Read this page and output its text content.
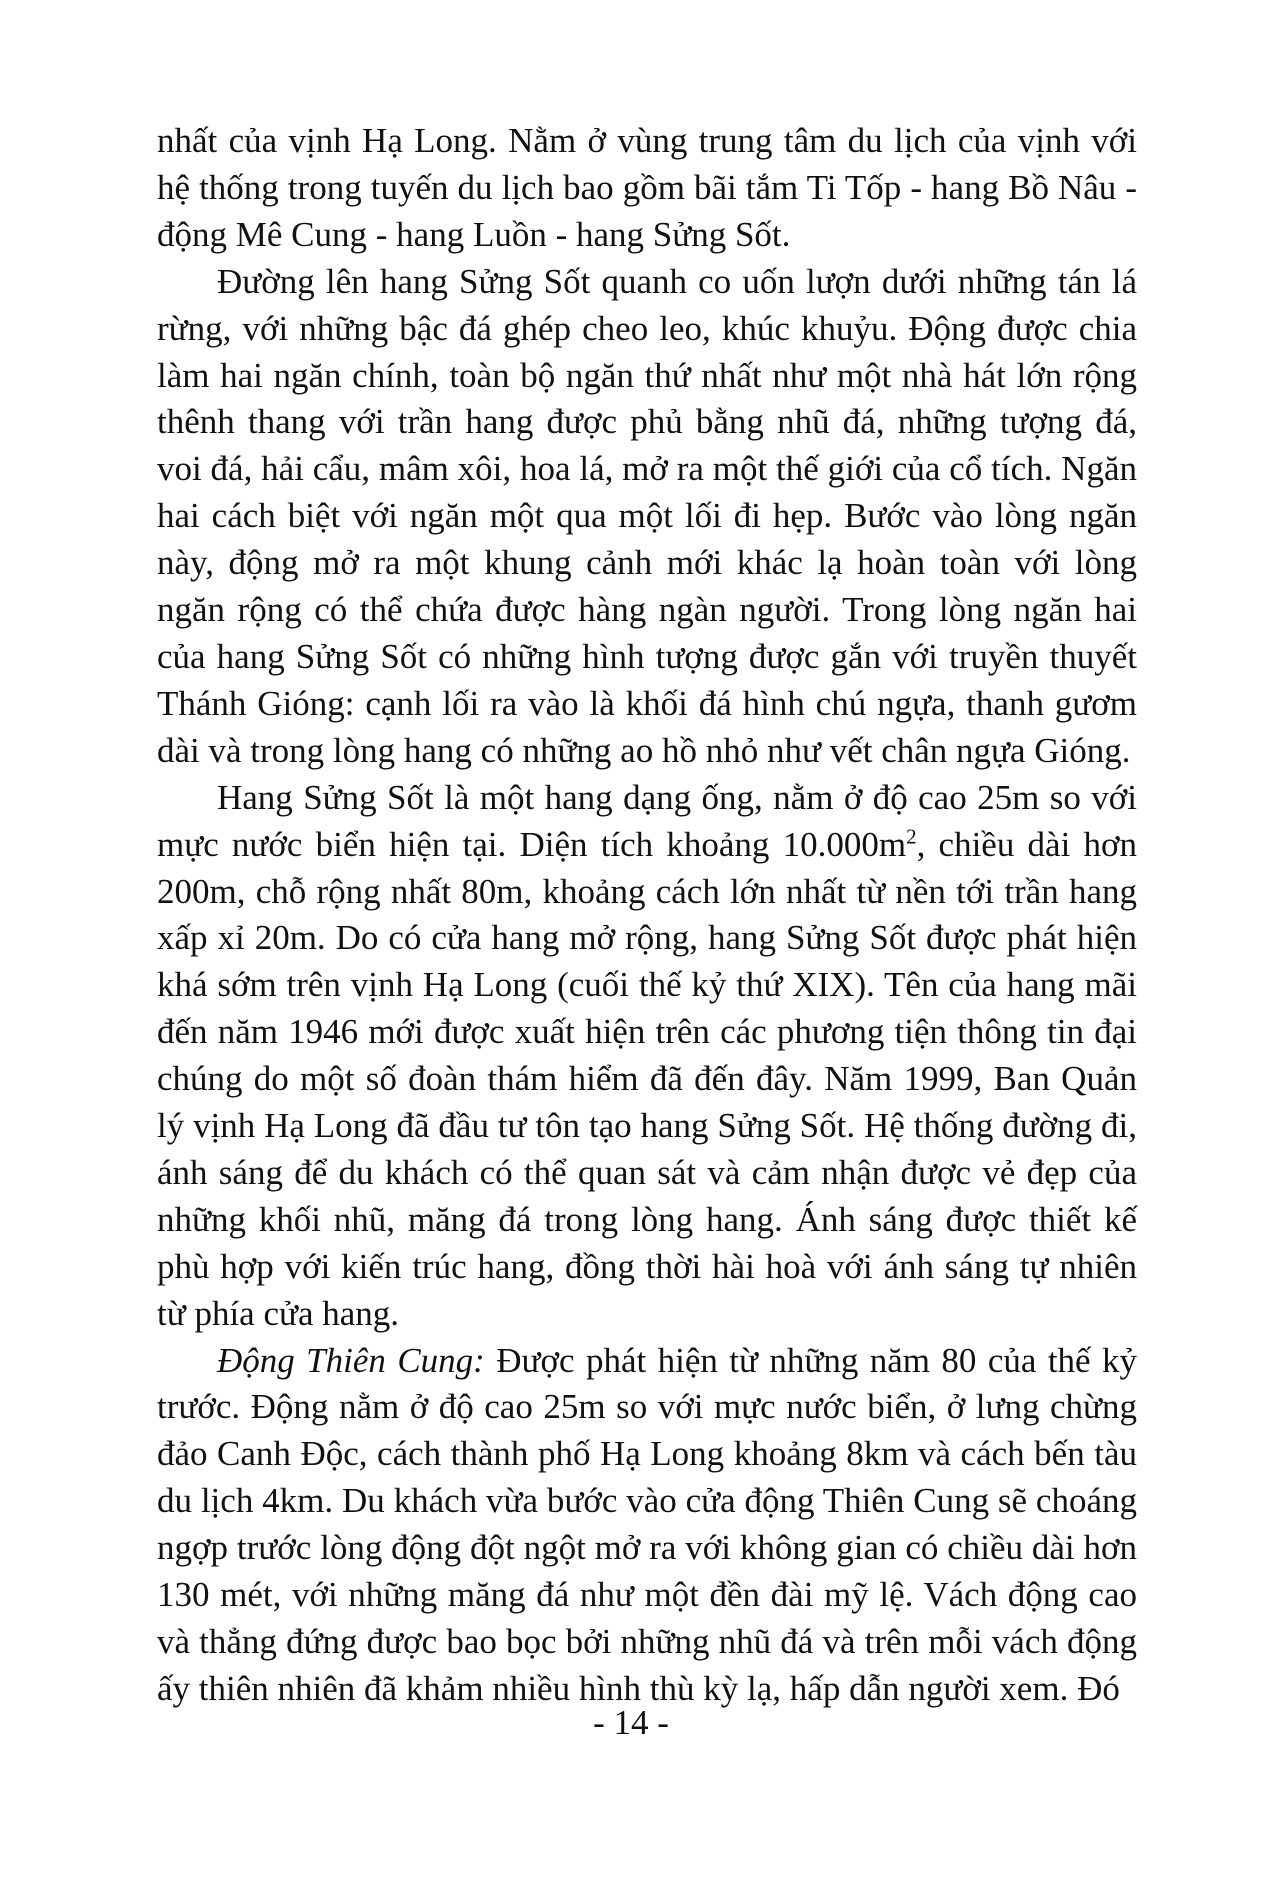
nhất của vịnh Hạ Long. Nằm ở vùng trung tâm du lịch của vịnh với hệ thống trong tuyến du lịch bao gồm bãi tắm Ti Tốp - hang Bồ Nâu - động Mê Cung - hang Luồn - hang Sửng Sốt.

Đường lên hang Sửng Sốt quanh co uốn lượn dưới những tán lá rừng, với những bậc đá ghép cheo leo, khúc khuỷu. Động được chia làm hai ngăn chính, toàn bộ ngăn thứ nhất như một nhà hát lớn rộng thênh thang với trần hang được phủ bằng nhũ đá, những tượng đá, voi đá, hải cẩu, mâm xôi, hoa lá, mở ra một thế giới của cổ tích. Ngăn hai cách biệt với ngăn một qua một lối đi hẹp. Bước vào lòng ngăn này, động mở ra một khung cảnh mới khác lạ hoàn toàn với lòng ngăn rộng có thể chứa được hàng ngàn người. Trong lòng ngăn hai của hang Sửng Sốt có những hình tượng được gắn với truyền thuyết Thánh Gióng: cạnh lối ra vào là khối đá hình chú ngựa, thanh gươm dài và trong lòng hang có những ao hồ nhỏ như vết chân ngựa Gióng.

Hang Sửng Sốt là một hang dạng ống, nằm ở độ cao 25m so với mực nước biển hiện tại. Diện tích khoảng $10.000m^2$, chiều dài hơn 200m, chỗ rộng nhất 80m, khoảng cách lớn nhất từ nền tới trần hang xấp xỉ 20m. Do có cửa hang mở rộng, hang Sửng Sốt được phát hiện khá sớm trên vịnh Hạ Long (cuối thế kỷ thứ XIX). Tên của hang mãi đến năm 1946 mới được xuất hiện trên các phương tiện thông tin đại chúng do một số đoàn thám hiểm đã đến đây. Năm 1999, Ban Quản lý vịnh Hạ Long đã đầu tư tôn tạo hang Sửng Sốt. Hệ thống đường đi, ánh sáng để du khách có thể quan sát và cảm nhận được vẻ đẹp của những khối nhũ, măng đá trong lòng hang. Ánh sáng được thiết kế phù hợp với kiến trúc hang, đồng thời hài hoà với ánh sáng tự nhiên từ phía cửa hang.

Động Thiên Cung: Được phát hiện từ những năm 80 của thế kỷ trước. Động nằm ở độ cao 25m so với mực nước biển, ở lưng chừng đảo Canh Độc, cách thành phố Hạ Long khoảng 8km và cách bến tàu du lịch 4km. Du khách vừa bước vào cửa động Thiên Cung sẽ choáng ngợp trước lòng động đột ngột mở ra với không gian có chiều dài hơn 130 mét, với những măng đá như một đền đài mỹ lệ. Vách động cao và thẳng đứng được bao bọc bởi những nhũ đá và trên mỗi vách động ấy thiên nhiên đã khảm nhiều hình thù kỳ lạ, hấp dẫn người xem. Đó

- 14 -
